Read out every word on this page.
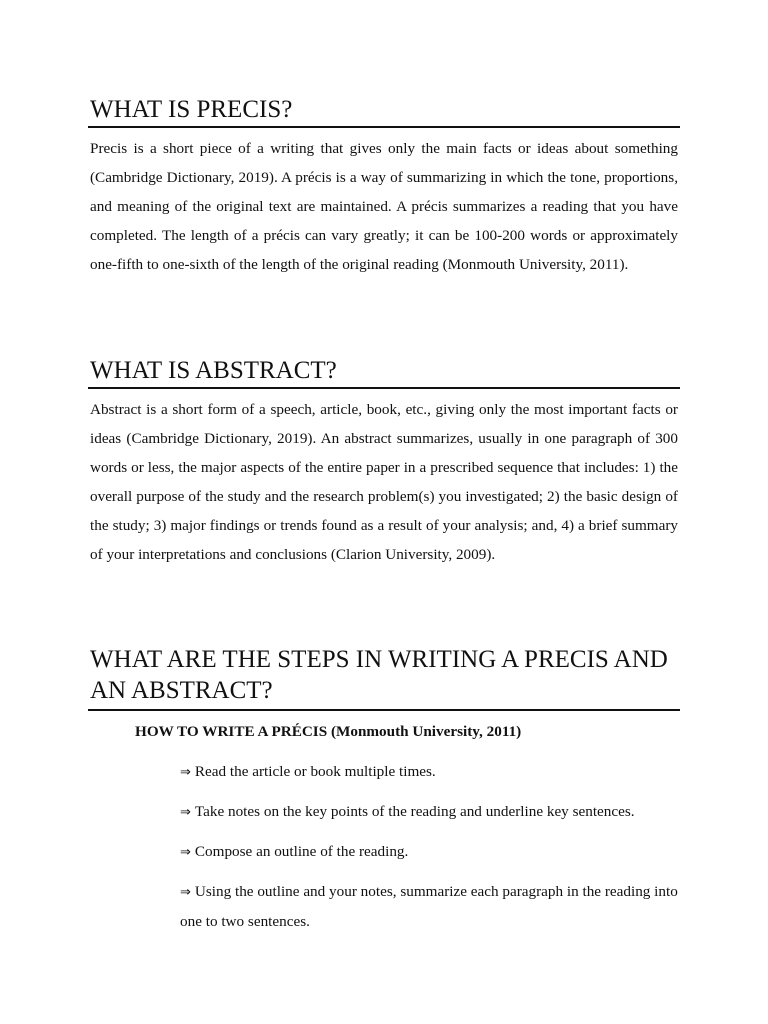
WHAT IS PRECIS?

Precis is a short piece of a writing that gives only the main facts or ideas about something (Cambridge Dictionary, 2019). A précis is a way of summarizing in which the tone, proportions, and meaning of the original text are maintained. A précis summarizes a reading that you have completed. The length of a précis can vary greatly; it can be 100-200 words or approximately one-fifth to one-sixth of the length of the original reading (Monmouth University, 2011).

WHAT IS ABSTRACT?

Abstract is a short form of a speech, article, book, etc., giving only the most important facts or ideas (Cambridge Dictionary, 2019). An abstract summarizes, usually in one paragraph of 300 words or less, the major aspects of the entire paper in a prescribed sequence that includes: 1) the overall purpose of the study and the research problem(s) you investigated; 2) the basic design of the study; 3) major findings or trends found as a result of your analysis; and, 4) a brief summary of your interpretations and conclusions (Clarion University, 2009).

WHAT ARE THE STEPS IN WRITING A PRECIS AND AN ABSTRACT?

HOW TO WRITE A PRÉCIS (Monmouth University, 2011)

⇒ Read the article or book multiple times.

⇒ Take notes on the key points of the reading and underline key sentences.

⇒ Compose an outline of the reading.

⇒ Using the outline and your notes, summarize each paragraph in the reading into one to two sentences.
